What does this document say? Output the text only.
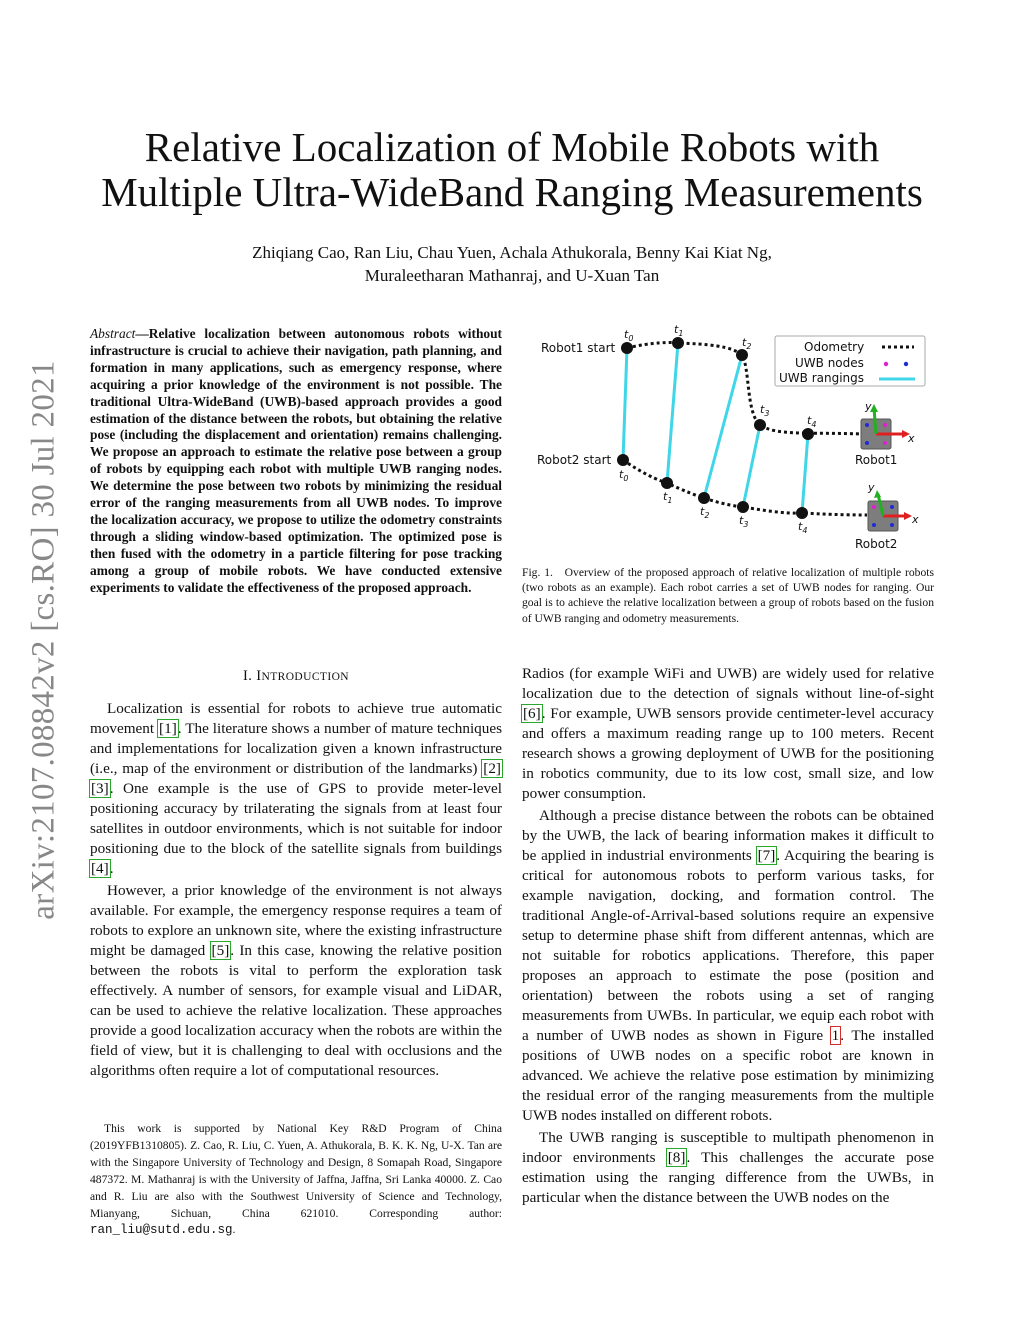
arXiv:2107.08842v2 [cs.RO] 30 Jul 2021
Relative Localization of Mobile Robots with
Multiple Ultra-WideBand Ranging Measurements
Zhiqiang Cao, Ran Liu, Chau Yuen, Achala Athukorala, Benny Kai Kiat Ng,
Muraleetharan Mathanraj, and U-Xuan Tan
Abstract—Relative localization between autonomous robots without infrastructure is crucial to achieve their navigation, path planning, and formation in many applications, such as emergency response, where acquiring a prior knowledge of the environment is not possible. The traditional Ultra-WideBand (UWB)-based approach provides a good estimation of the distance between the robots, but obtaining the relative pose (including the displacement and orientation) remains challenging. We propose an approach to estimate the relative pose between a group of robots by equipping each robot with multiple UWB ranging nodes. We determine the pose between two robots by minimizing the residual error of the ranging measurements from all UWB nodes. To improve the localization accuracy, we propose to utilize the odometry constraints through a sliding window-based optimization. The optimized pose is then fused with the odometry in a particle filtering for pose tracking among a group of mobile robots. We have conducted extensive experiments to validate the effectiveness of the proposed approach.
I. INTRODUCTION

Localization is essential for robots to achieve true automatic movement [1]. The literature shows a number of mature techniques and implementations for localization given a known infrastructure (i.e., map of the environment or distribution of the landmarks) [2] [3]. One example is the use of GPS to provide meter-level positioning accuracy by trilaterating the signals from at least four satellites in outdoor environments, which is not suitable for indoor positioning due to the block of the satellite signals from buildings [4].

However, a prior knowledge of the environment is not always available. For example, the emergency response requires a team of robots to explore an unknown site, where the existing infrastructure might be damaged [5]. In this case, knowing the relative position between the robots is vital to perform the exploration task effectively. A number of sensors, for example visual and LiDAR, can be used to achieve the relative localization. These approaches provide a good localization accuracy when the robots are within the field of view, but it is challenging to deal with occlusions and the algorithms often require a lot of computational resources.

This work is supported by National Key R&D Program of China (2019YFB1310805). Z. Cao, R. Liu, C. Yuen, A. Athukorala, B. K. K. Ng, U-X. Tan are with the Singapore University of Technology and Design, 8 Somapah Road, Singapore 487372. M. Mathanraj is with the University of Jaffna, Jaffna, Sri Lanka 40000. Z. Cao and R. Liu are also with the Southwest University of Science and Technology, Mianyang, Sichuan, China 621010. Corresponding author: ran_liu@sutd.edu.sg.

$t_0$
$t_1$
$t_2$
$t_3$
$t_4$
$t_0$
$t_1$
$t_2$	$t_3$	$t_4$
Robot1 start
Robot2 start
Odometry
UWB nodes
UWB rangings
x
y
Robot1
x
y
Robot2
Fig. 1. Overview of the proposed approach of relative localization of multiple robots (two robots as an example). Each robot carries a set of UWB nodes for ranging. Our goal is to achieve the relative localization between a group of robots based on the fusion of UWB ranging and odometry measurements.

Radios (for example WiFi and UWB) are widely used for relative localization due to the detection of signals without line-of-sight [6]. For example, UWB sensors provide centimeter-level accuracy and offers a maximum reading range up to 100 meters. Recent research shows a growing deployment of UWB for the positioning in robotics community, due to its low cost, small size, and low power consumption.

Although a precise distance between the robots can be obtained by the UWB, the lack of bearing information makes it difficult to be applied in industrial environments [7]. Acquiring the bearing is critical for autonomous robots to perform various tasks, for example navigation, docking, and formation control. The traditional Angle-of-Arrival-based solutions require an expensive setup to determine phase shift from different antennas, which are not suitable for robotics applications. Therefore, this paper proposes an approach to estimate the pose (position and orientation) between the robots using a set of ranging measurements from UWBs. In particular, we equip each robot with a number of UWB nodes as shown in Figure 1. The installed positions of UWB nodes on a specific robot are known in advanced. We achieve the relative pose estimation by minimizing the residual error of the ranging measurements from the multiple UWB nodes installed on different robots.

The UWB ranging is susceptible to multipath phenomenon in indoor environments [8]. This challenges the accurate pose estimation using the ranging difference from the UWBs, in particular when the distance between the UWB nodes on the
